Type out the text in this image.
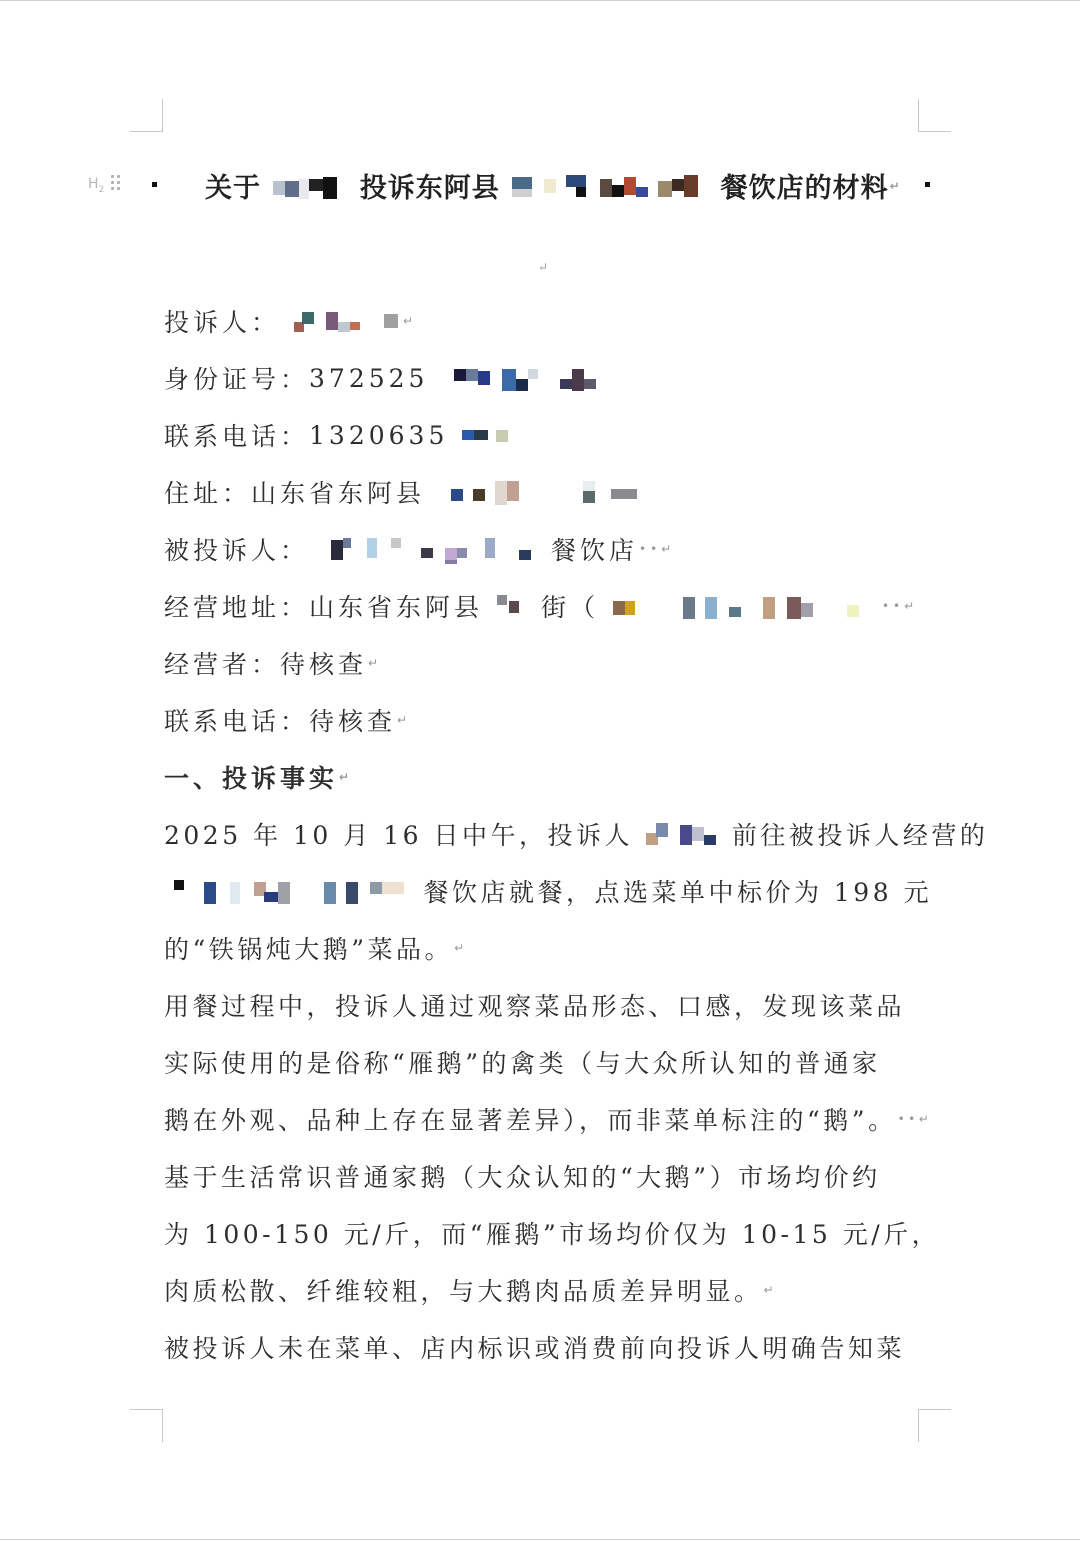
$H_2$	关于	投诉东阿县	餐饮店的材料↵
↵
投诉人：	↵
身份证号：372525
联系电话：1320635
住址：山东省东阿县
被投诉人：	餐饮店••↵
经营地址：山东省东阿县 街（	••↵
经营者：待核查↵
联系电话：待核查↵
一、投诉事实↵
2025 年 10 月 16 日中午，投诉人	前往被投诉人经营的
餐饮店就餐，点选菜单中标价为 198 元
的“铁锅炖大鹅”菜品。↵
用餐过程中，投诉人通过观察菜品形态、口感，发现该菜品
实际使用的是俗称“雁鹅”的禽类（与大众所认知的普通家
鹅在外观、品种上存在显著差异），而非菜单标注的“鹅”。••↵
基于生活常识普通家鹅（大众认知的“大鹅”）市场均价约
为 100-150 元/斤，而“雁鹅”市场均价仅为 10-15 元/斤，
肉质松散、纤维较粗，与大鹅肉品质差异明显。↵
被投诉人未在菜单、店内标识或消费前向投诉人明确告知菜
